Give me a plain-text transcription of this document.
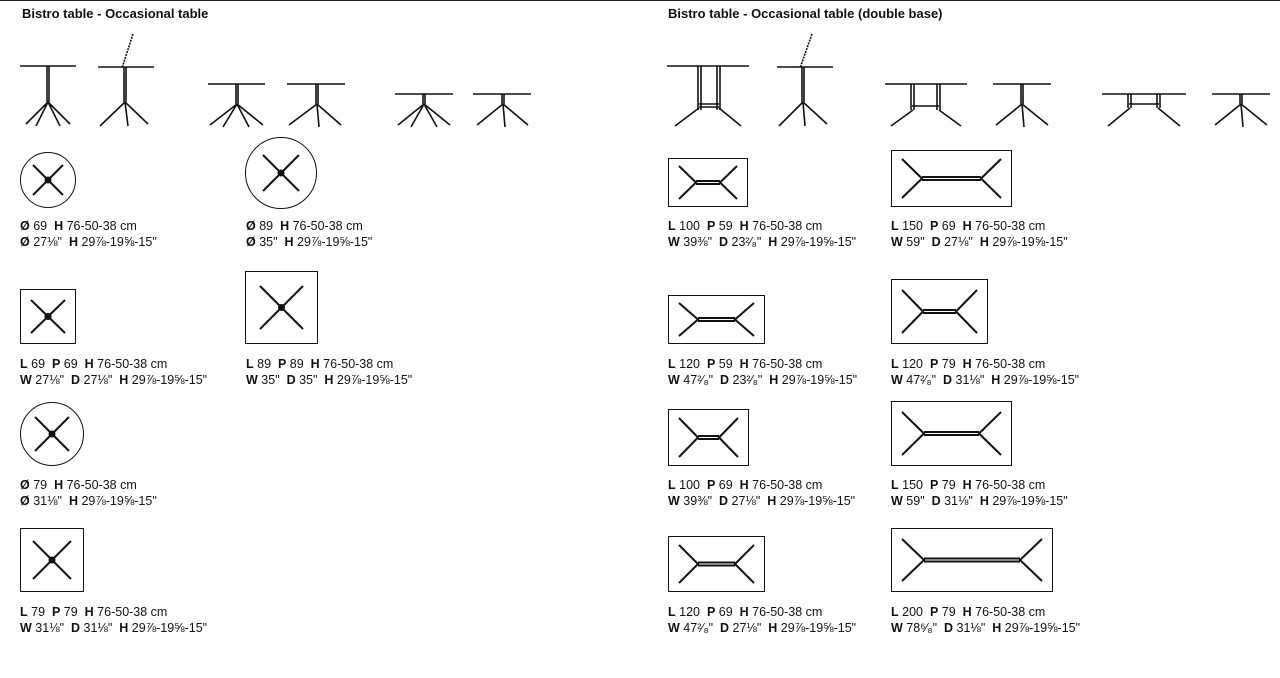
Bistro table - Occasional table	Bistro table - Occasional table (double base)
Ø 69 H 76-50-38 cm
Ø 27⅛" H 29⅞-19⅝-15"
Ø 89 H 76-50-38 cm
Ø 35" H 29⅞-19⅝-15"
L 69 P 69 H 76-50-38 cm
W 27⅛" D 27⅛" H 29⅞-19⅝-15"
L 89 P 89 H 76-50-38 cm
W 35" D 35" H 29⅞-19⅝-15"
Ø 79 H 76-50-38 cm
Ø 31⅛" H 29⅞-19⅝-15"
L 79 P 79 H 76-50-38 cm
W 31⅛" D 31⅛" H 29⅞-19⅝-15"
L 100 P 59 H 76-50-38 cm
W 39⅜" D 23²⁄₈" H 29⅞-19⅝-15"
L 150 P 69 H 76-50-38 cm
W 59" D 27⅛" H 29⅞-19⅝-15"
L 120 P 59 H 76-50-38 cm
W 47²⁄₈" D 23²⁄₈" H 29⅞-19⅝-15"
L 120 P 79 H 76-50-38 cm
W 47²⁄₈" D 31⅛" H 29⅞-19⅝-15"
L 100 P 69 H 76-50-38 cm
W 39⅜" D 27⅛" H 29⅞-19⅝-15"
L 150 P 79 H 76-50-38 cm
W 59" D 31⅛" H 29⅞-19⅝-15"
L 120 P 69 H 76-50-38 cm
W 47²⁄₈" D 27⅛" H 29⅞-19⅝-15"
L 200 P 79 H 76-50-38 cm
W 78⁶⁄₈" D 31⅛" H 29⅞-19⅝-15"
